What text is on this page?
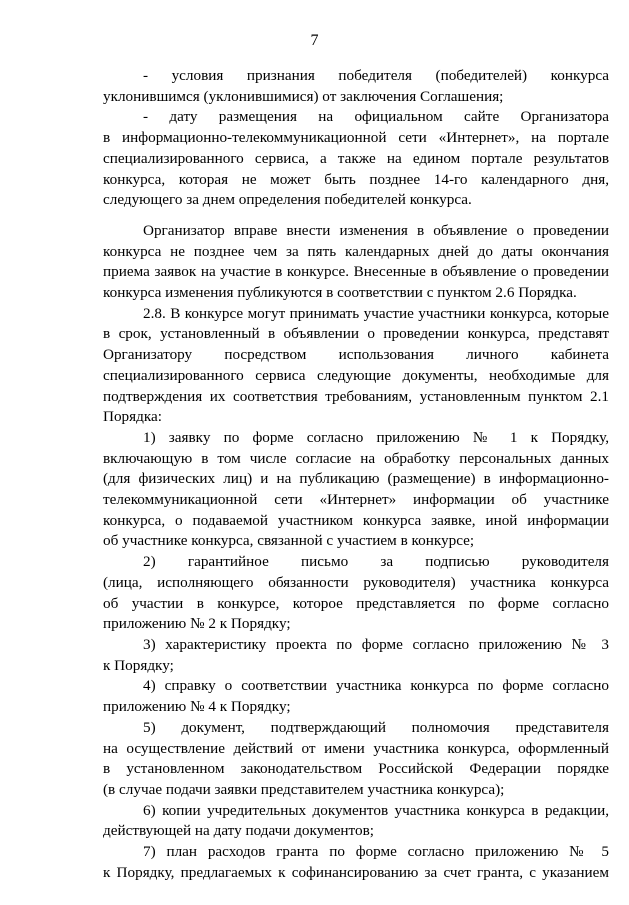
7

- условия признания победителя (победителей) конкурса
уклонившимся (уклонившимися) от заключения Соглашения;

- дату размещения на официальном сайте Организатора
в информационно-телекоммуникационной сети «Интернет», на портале
специализированного сервиса, а также на едином портале результатов
конкурса, которая не может быть позднее 14-го календарного дня,
следующего за днем определения победителей конкурса.

Организатор вправе внести изменения в объявление о проведении
конкурса не позднее чем за пять календарных дней до даты окончания
приема заявок на участие в конкурсе. Внесенные в объявление о проведении
конкурса изменения публикуются в соответствии с пунктом 2.6 Порядка.

2.8. В конкурсе могут принимать участие участники конкурса, которые
в срок, установленный в объявлении о проведении конкурса, представят
Организатору посредством использования личного кабинета
специализированного сервиса следующие документы, необходимые для
подтверждения их соответствия требованиям, установленным пунктом 2.1
Порядка:

1) заявку по форме согласно приложению № 1 к Порядку,
включающую в том числе согласие на обработку персональных данных
(для физических лиц) и на публикацию (размещение) в информационно-
телекоммуникационной сети «Интернет» информации об участнике
конкурса, о подаваемой участником конкурса заявке, иной информации
об участнике конкурса, связанной с участием в конкурсе;

2) гарантийное письмо за подписью руководителя
(лица, исполняющего обязанности руководителя) участника конкурса
об участии в конкурсе, которое представляется по форме согласно
приложению № 2 к Порядку;

3) характеристику проекта по форме согласно приложению № 3
к Порядку;

4) справку о соответствии участника конкурса по форме согласно
приложению № 4 к Порядку;

5) документ, подтверждающий полномочия представителя
на осуществление действий от имени участника конкурса, оформленный
в установленном законодательством Российской Федерации порядке
(в случае подачи заявки представителем участника конкурса);

6) копии учредительных документов участника конкурса в редакции,
действующей на дату подачи документов;

7) план расходов гранта по форме согласно приложению № 5
к Порядку, предлагаемых к софинансированию за счет гранта, с указанием
